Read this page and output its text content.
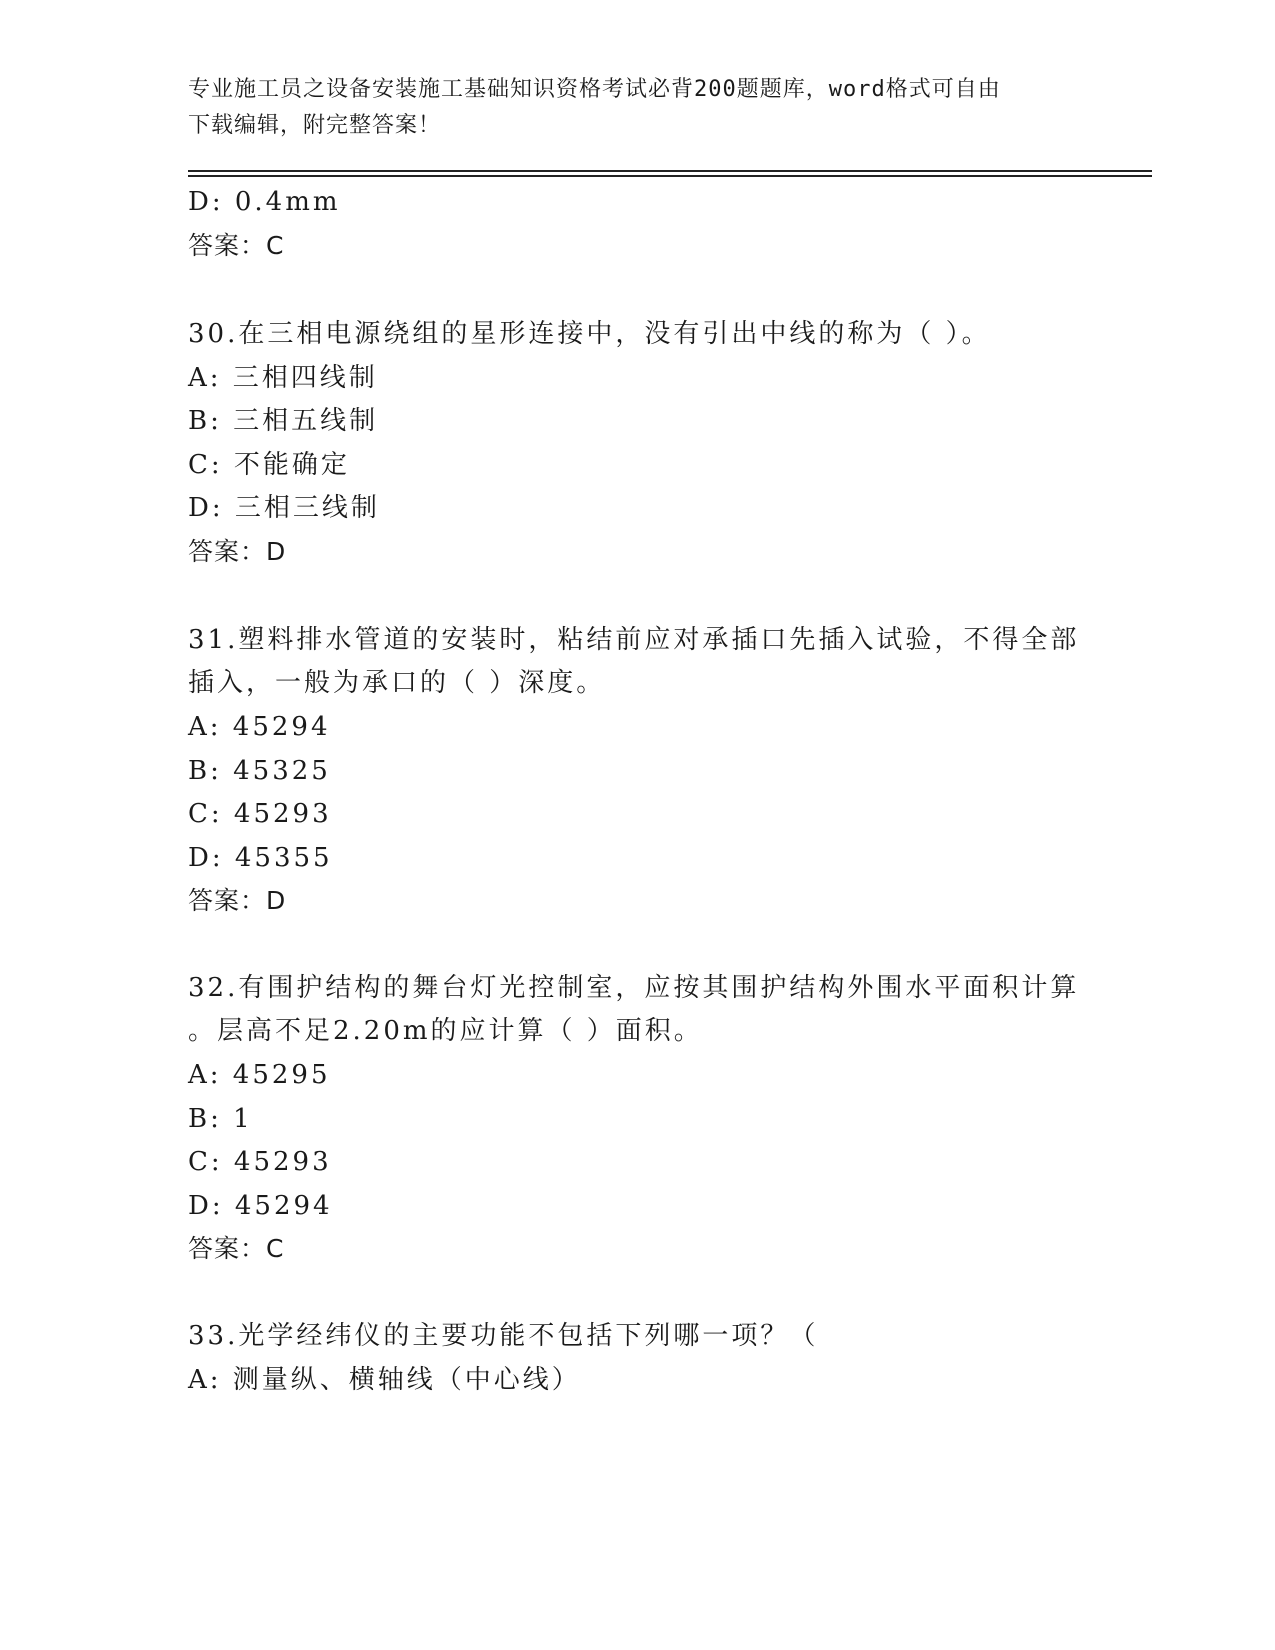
专业施工员之设备安装施工基础知识资格考试必背200题题库，word格式可自由
下载编辑，附完整答案！
D: 0.4mm
答案：C
30.在三相电源绕组的星形连接中，没有引出中线的称为（ ）。
A: 三相四线制
B: 三相五线制
C: 不能确定
D: 三相三线制
答案：D
31.塑料排水管道的安装时，粘结前应对承插口先插入试验，不得全部
插入，一般为承口的（ ）深度。
A: 45294
B: 45325
C: 45293
D: 45355
答案：D
32.有围护结构的舞台灯光控制室，应按其围护结构外围水平面积计算
。层高不足2.20m的应计算（ ）面积。
A: 45295
B: 1
C: 45293
D: 45294
答案：C
33.光学经纬仪的主要功能不包括下列哪一项？（
A: 测量纵、横轴线（中心线）
